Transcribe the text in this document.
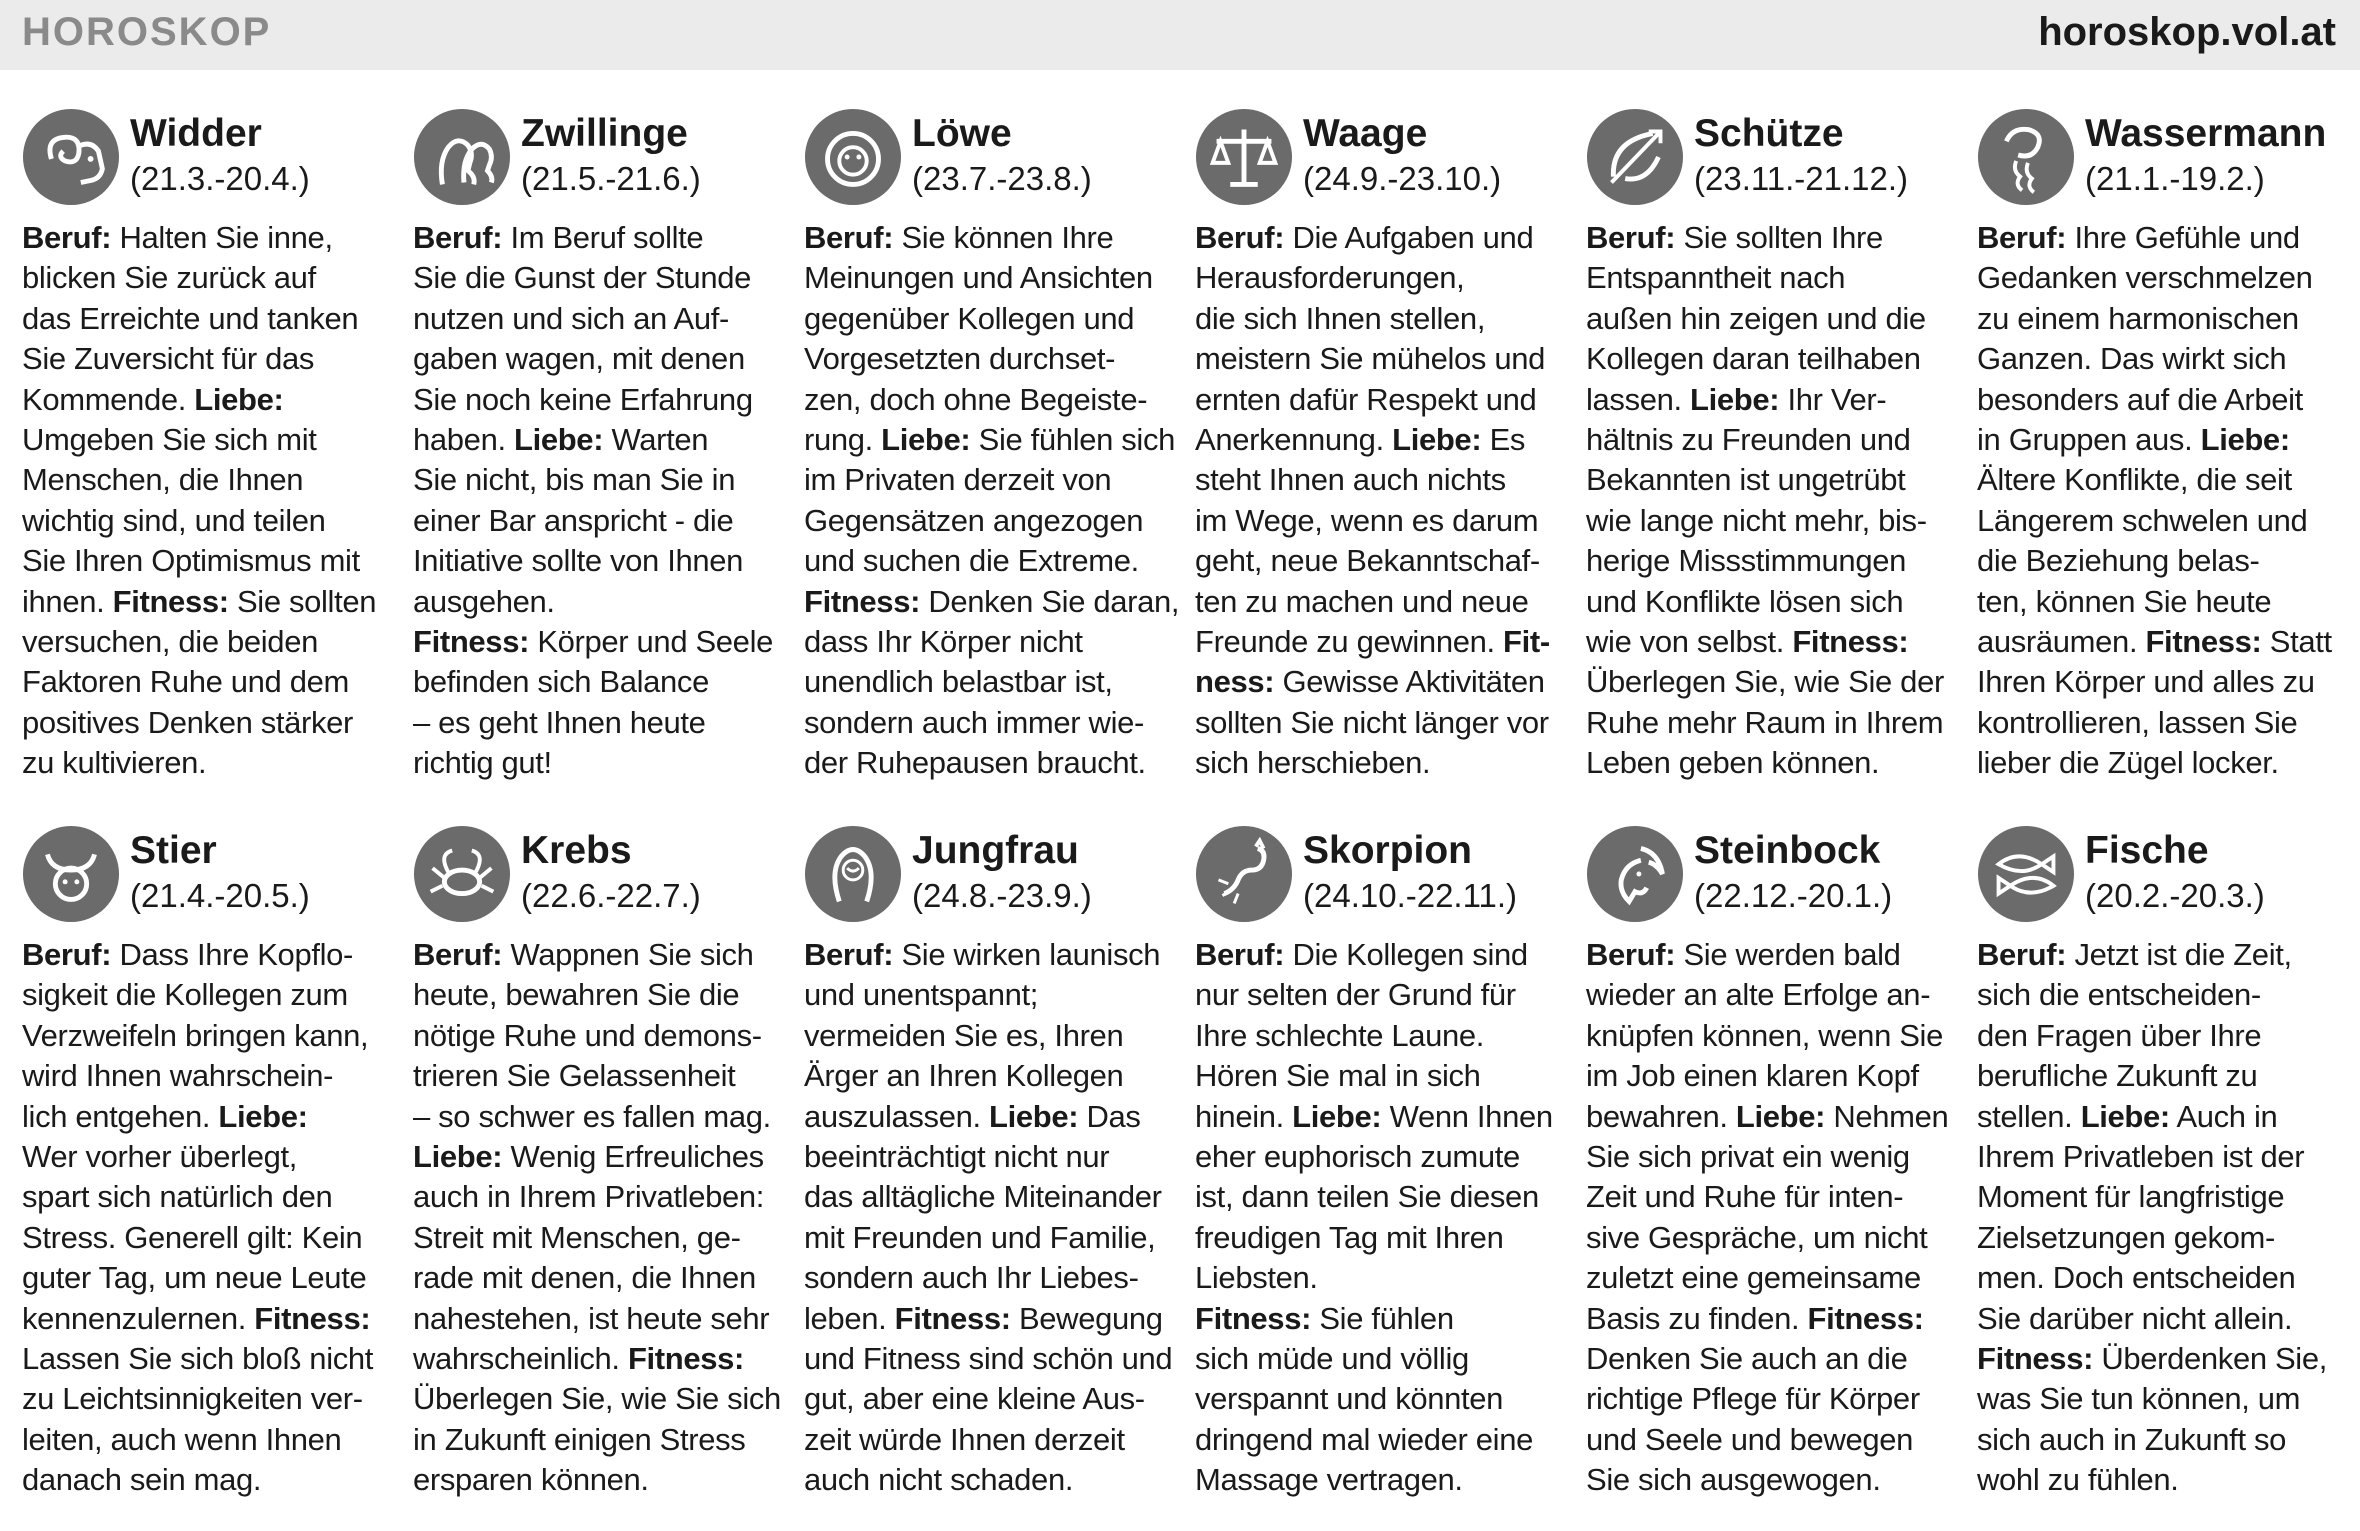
HOROSKOP	horoskop.vol.at
Widder
(21.3.-20.4.)

Beruf: Halten Sie inne,
blicken Sie zurück auf
das Erreichte und tanken
Sie Zuversicht für das
Kommende. Liebe:
Umgeben Sie sich mit
Menschen, die Ihnen
wichtig sind, und teilen
Sie Ihren Optimismus mit
ihnen. Fitness: Sie sollten
versuchen, die beiden
Faktoren Ruhe und dem
positives Denken stärker
zu kultivieren.

Zwillinge
(21.5.-21.6.)

Beruf: Im Beruf sollte
Sie die Gunst der Stunde
nutzen und sich an Auf-
gaben wagen, mit denen
Sie noch keine Erfahrung
haben. Liebe: Warten
Sie nicht, bis man Sie in
einer Bar anspricht - die
Initiative sollte von Ihnen
ausgehen.
Fitness: Körper und Seele
befinden sich Balance
– es geht Ihnen heute
richtig gut!

Löwe
(23.7.-23.8.)

Beruf: Sie können Ihre
Meinungen und Ansichten
gegenüber Kollegen und
Vorgesetzten durchset-
zen, doch ohne Begeiste-
rung. Liebe: Sie fühlen sich
im Privaten derzeit von
Gegensätzen angezogen
und suchen die Extreme.
Fitness: Denken Sie daran,
dass Ihr Körper nicht
unendlich belastbar ist,
sondern auch immer wie-
der Ruhepausen braucht.

Waage
(24.9.-23.10.)

Beruf: Die Aufgaben und
Herausforderungen,
die sich Ihnen stellen,
meistern Sie mühelos und
ernten dafür Respekt und
Anerkennung. Liebe: Es
steht Ihnen auch nichts
im Wege, wenn es darum
geht, neue Bekanntschaf-
ten zu machen und neue
Freunde zu gewinnen. Fit-
ness: Gewisse Aktivitäten
sollten Sie nicht länger vor
sich herschieben.

Schütze
(23.11.-21.12.)

Beruf: Sie sollten Ihre
Entspanntheit nach
außen hin zeigen und die
Kollegen daran teilhaben
lassen. Liebe: Ihr Ver-
hältnis zu Freunden und
Bekannten ist ungetrübt
wie lange nicht mehr, bis-
herige Missstimmungen
und Konflikte lösen sich
wie von selbst. Fitness:
Überlegen Sie, wie Sie der
Ruhe mehr Raum in Ihrem
Leben geben können.

Wassermann
(21.1.-19.2.)

Beruf: Ihre Gefühle und
Gedanken verschmelzen
zu einem harmonischen
Ganzen. Das wirkt sich
besonders auf die Arbeit
in Gruppen aus. Liebe:
Ältere Konflikte, die seit
Längerem schwelen und
die Beziehung belas-
ten, können Sie heute
ausräumen. Fitness: Statt
Ihren Körper und alles zu
kontrollieren, lassen Sie
lieber die Zügel locker.

Stier
(21.4.-20.5.)

Beruf: Dass Ihre Kopflo-
sigkeit die Kollegen zum
Verzweifeln bringen kann,
wird Ihnen wahrschein-
lich entgehen. Liebe:
Wer vorher überlegt,
spart sich natürlich den
Stress. Generell gilt: Kein
guter Tag, um neue Leute
kennenzulernen. Fitness:
Lassen Sie sich bloß nicht
zu Leichtsinnigkeiten ver-
leiten, auch wenn Ihnen
danach sein mag.

Krebs
(22.6.-22.7.)

Beruf: Wappnen Sie sich
heute, bewahren Sie die
nötige Ruhe und demons-
trieren Sie Gelassenheit
– so schwer es fallen mag.
Liebe: Wenig Erfreuliches
auch in Ihrem Privatleben:
Streit mit Menschen, ge-
rade mit denen, die Ihnen
nahestehen, ist heute sehr
wahrscheinlich. Fitness:
Überlegen Sie, wie Sie sich
in Zukunft einigen Stress
ersparen können.

Jungfrau
(24.8.-23.9.)

Beruf: Sie wirken launisch
und unentspannt;
vermeiden Sie es, Ihren
Ärger an Ihren Kollegen
auszulassen. Liebe: Das
beeinträchtigt nicht nur
das alltägliche Miteinander
mit Freunden und Familie,
sondern auch Ihr Liebes-
leben. Fitness: Bewegung
und Fitness sind schön und
gut, aber eine kleine Aus-
zeit würde Ihnen derzeit
auch nicht schaden.

Skorpion
(24.10.-22.11.)

Beruf: Die Kollegen sind
nur selten der Grund für
Ihre schlechte Laune.
Hören Sie mal in sich
hinein. Liebe: Wenn Ihnen
eher euphorisch zumute
ist, dann teilen Sie diesen
freudigen Tag mit Ihren
Liebsten.
Fitness: Sie fühlen
sich müde und völlig
verspannt und könnten
dringend mal wieder eine
Massage vertragen.

Steinbock
(22.12.-20.1.)

Beruf: Sie werden bald
wieder an alte Erfolge an-
knüpfen können, wenn Sie
im Job einen klaren Kopf
bewahren. Liebe: Nehmen
Sie sich privat ein wenig
Zeit und Ruhe für inten-
sive Gespräche, um nicht
zuletzt eine gemeinsame
Basis zu finden. Fitness:
Denken Sie auch an die
richtige Pflege für Körper
und Seele und bewegen
Sie sich ausgewogen.

Fische
(20.2.-20.3.)

Beruf: Jetzt ist die Zeit,
sich die entscheiden-
den Fragen über Ihre
berufliche Zukunft zu
stellen. Liebe: Auch in
Ihrem Privatleben ist der
Moment für langfristige
Zielsetzungen gekom-
men. Doch entscheiden
Sie darüber nicht allein.
Fitness: Überdenken Sie,
was Sie tun können, um
sich auch in Zukunft so
wohl zu fühlen.
